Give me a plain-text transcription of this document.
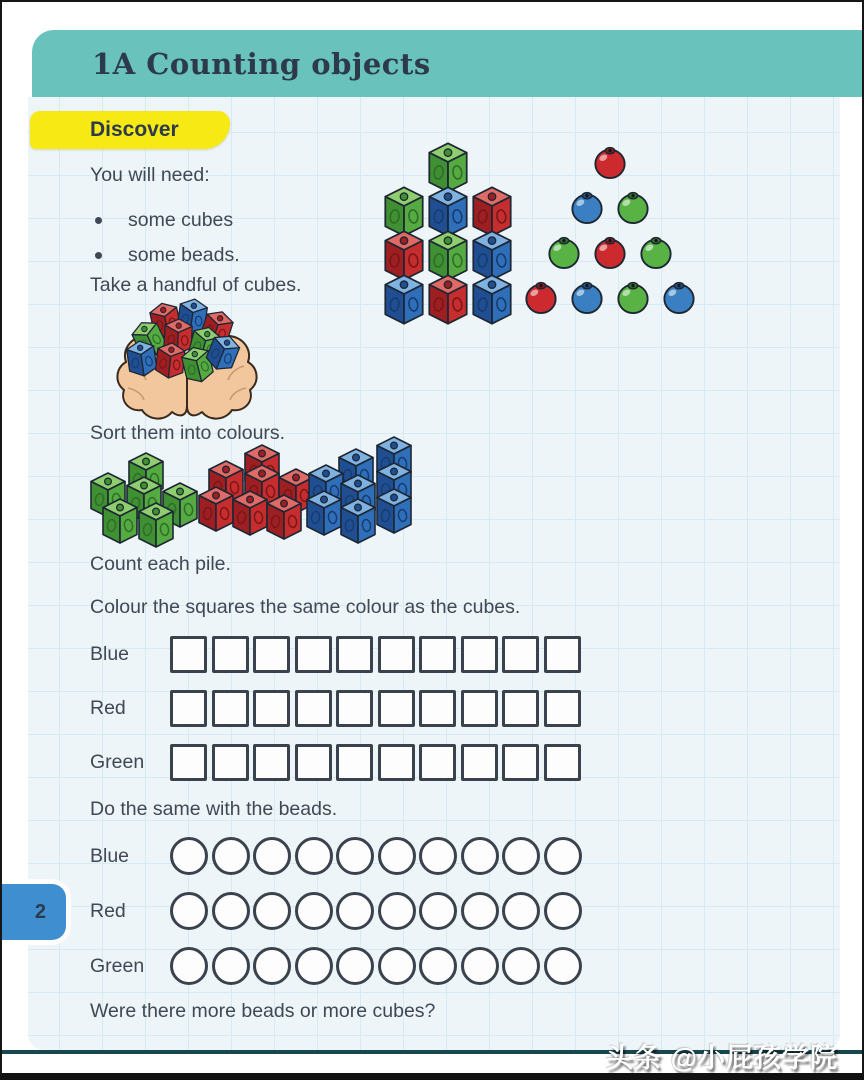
1A Counting objects
Discover
You will need:
some cubes
some beads.
Take a handful of cubes.
Sort them into colours.
Count each pile.
Colour the squares the same colour as the cubes.
Blue
Red
Green
Do the same with the beads.
Blue
Red
Green
Were there more beads or more cubes?
2
头条 @小屁孩学院
